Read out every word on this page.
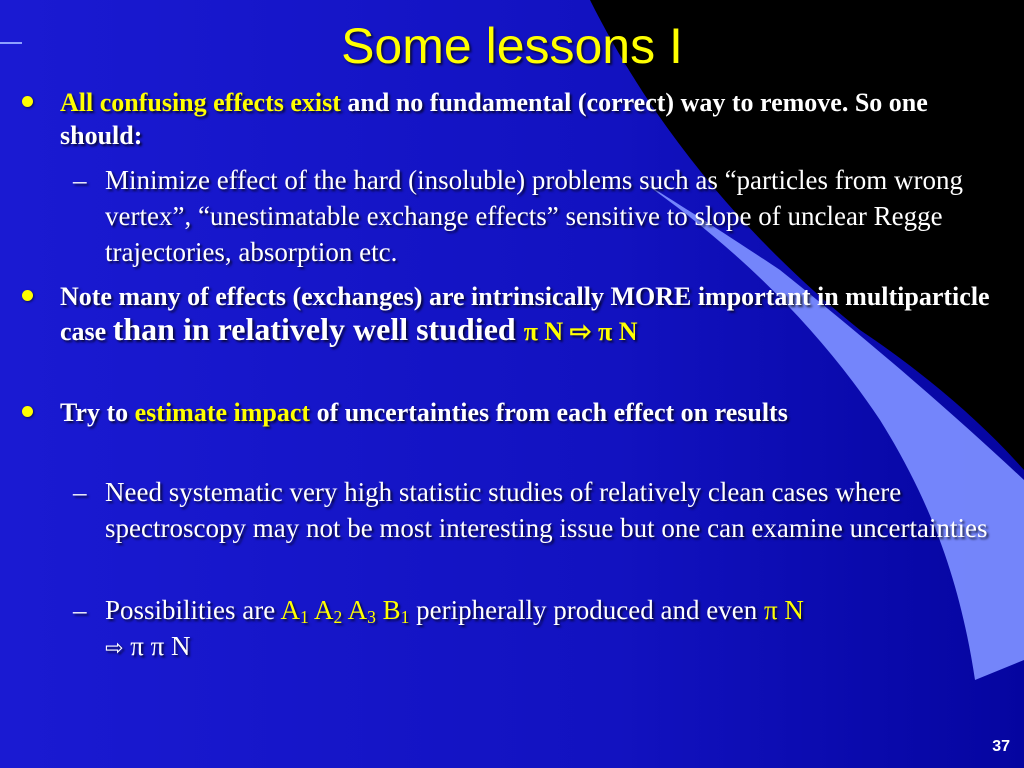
Some lessons I
All confusing effects exist and no fundamental (correct) way to remove. So one should:
– Minimize effect of the hard (insoluble) problems such as “particles from wrong vertex”, “unestimatable exchange effects” sensitive to slope of unclear Regge trajectories, absorption etc.
Note many of effects (exchanges) are intrinsically MORE important in multiparticle case than in relatively well studied π N ⇨ π N
Try to estimate impact of uncertainties from each effect on results
– Need systematic very high statistic studies of relatively clean cases where spectroscopy may not be most interesting issue but one can examine uncertainties
– Possibilities are $A_1$ $A_2$ $A_3$ $B_1$ peripherally produced and even π N
⇨ π π N

37
